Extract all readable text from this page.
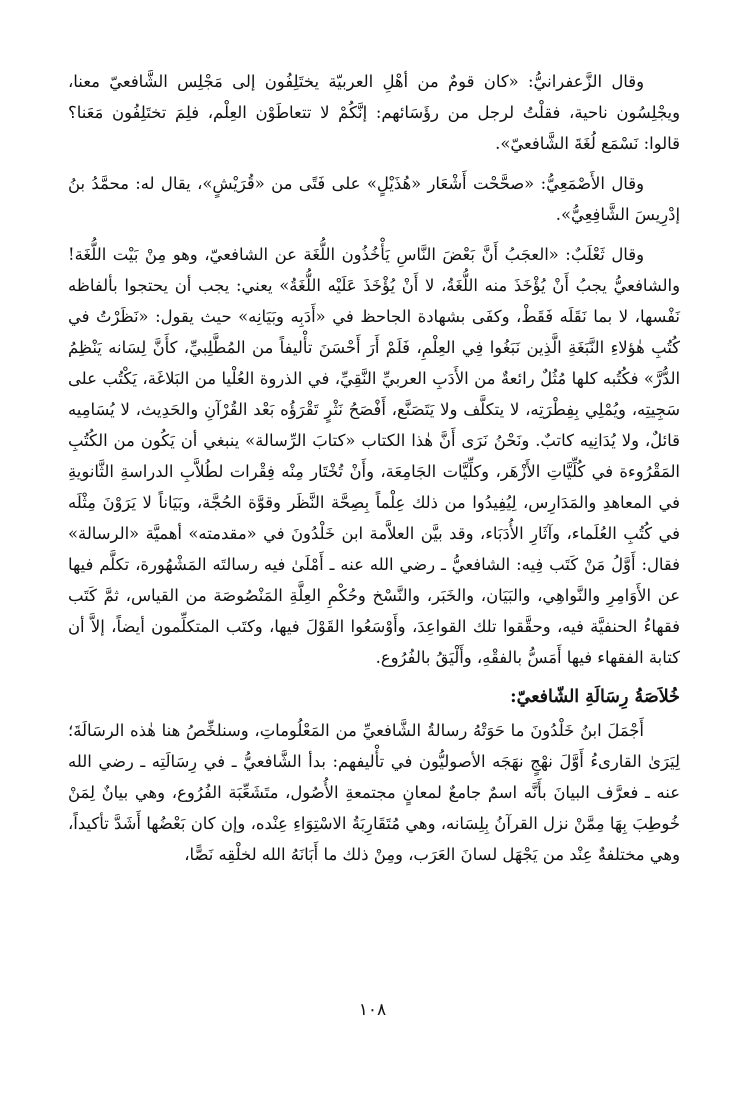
وقال الزَّعفرانيُّ: «كان قومٌ من أهْلِ العربيّة يختَلِفُون إلى مَجْلِس الشَّافعيّ معنا، ويجْلِسُون ناحية، فقلْتُ لرجل من رؤَسَائهم: إنَّكُمْ لا تتعاطَوْن العِلْم، فلِمَ تختَلِفُون مَعَنا؟ قالوا: نَسْمَع لُغَةَ الشَّافعيّ».

وقال الأَصْمَعِيُّ: «صحَّحْت أَشْعَار «هُذَيْلٍ» على فَتًى من «قُرَيْشٍ»، يقال له: محمَّدُ بنُ إدْرِيسَ الشَّافِعِيُّ».

وقال ثَعْلَبٌ: «العجَبُ أَنَّ بَعْضَ النَّاسِ يَأْخُذُون اللُّغَة عن الشافعيّ، وهو مِنْ بَيْت اللُّغَة! والشافعيُّ يجبُ أَنْ يُؤْخَذَ منه اللُّغَةُ، لا أَنْ يُؤْخَذَ عَلَيْه اللُّغَةُ» يعني: يجب أن يحتجوا بألفاظه نَفْسها، لا بما نَقَلَه فَقَطْ، وكفَى بشهادة الجاحظ في «أَدَبِه وبَيَانِه» حيث يقول: «نَظَرْتُ في كُتُبِ هٰؤلاءِ النَّبَغَةِ الَّذِين نَبَغُوا فِي العِلْمِ، فَلَمْ أَرَ أَحْسَنَ تأْليفاً من المُطَّلِبيِّ، كأَنَّ لِسَانه يَنْظِمُ الدُّرَّ» فكُتُبه كلها مُثُلٌ رائعةٌ من الأَدَبِ العربيِّ النَّقِيِّ، في الذروة العُلْيا من البَلاغَة، يَكْتُب على سَجِيتِه، ويُمْلِي بِفِطْرَتِه، لا يتكلَّف ولا يَتَصَنَّع، أَفْصَحُ نَثْرٍ تَقْرَؤُه بَعْد القُرْآنِ والحَدِيث، لا يُسَامِيه قائلٌ، ولا يُدَانِيه كاتبٌ. ونَحْنُ نَرَى أَنَّ هٰذا الكتاب «كتابَ الرِّسالة» ينبغي أن يَكُون من الكُتُبِ المَقْرُوءة في كُلِّيَّاتِ الأَزْهَر، وكلِّيَّات الجَامِعَة، وأَنْ تُخْتَار مِنْه فِقْرات لطُلاَّبِ الدراسةِ الثَّانويةِ في المعاهدِ والمَدَارِس، لِيُفِيدُوا من ذلك عِلْماً بِصِحَّة النَّظَر وقوَّة الحُجَّة، وبَيَاناً لا يَرَوْنَ مِثْلَه في كُتُبِ العُلَماء، وآثَارِ الأُدَبَاء، وقد بيَّن العلاَّمة ابن خَلْدُونَ في «مقدمته» أهميَّة «الرسالة» فقال: أَوَّلُ مَنْ كَتَب فِيه: الشافعيُّ ـ رضي الله عنه ـ أَمْلَىٰ فيه رسالتَه المَشْهُورة، تكلَّم فيها عن الأَوَامِرِ والنَّواهِي، والبَيَان، والخَبَر، والنَّسْخ وحُكْمِ العِلَّةِ المَنْصُوصَة من القياس، ثمَّ كَتَب فقهاءُ الحنفيَّة فيه، وحقَّقوا تلك القواعِدَ، وأَوْسَعُوا القَوْلَ فيها، وكتَب المتكلِّمون أيضاً، إلاَّ أن كتابة الفقهاء فيها أَمَسُّ بالفقْهِ، وأَلْيَقُ بالفُرُوع.

خُلاَصَةُ رِسَالَةِ الشّافعيّ:

أَجْمَلَ ابنُ خَلْدُونَ ما حَوَتْهُ رسالةُ الشَّافعيِّ من المَعْلُوماتِ، وسنلخِّصُ هنا هٰذه الرسَالَةَ؛ لِيَرَىٰ القارىءُ أَوَّلَ نهْجٍ نهَجَه الأصوليُّون في تأْليفهم: بدأ الشَّافعيُّ ـ في رِسَالَتِه ـ رضي الله عنه ـ فعرَّف البيانَ بأَنَّه اسمٌ جامعٌ لمعانٍ مجتمعةِ الأُصُول، متَشَعِّبَة الفُرُوع، وهي بيانٌ لِمَنْ خُوطِبَ بِهَا مِمَّنْ نزل القرآنُ بِلِسَانه، وهي مُتَقَارِبَةُ الاسْتِوَاءِ عِنْده، وإن كان بَعْضُها أَشَدَّ تأكيداً، وهي مختلفةٌ عِنْد من يَجْهَل لسانَ العَرَب، ومِنْ ذلك ما أَبَانَهُ الله لخلْقِه نَصًّا،

١٠٨
